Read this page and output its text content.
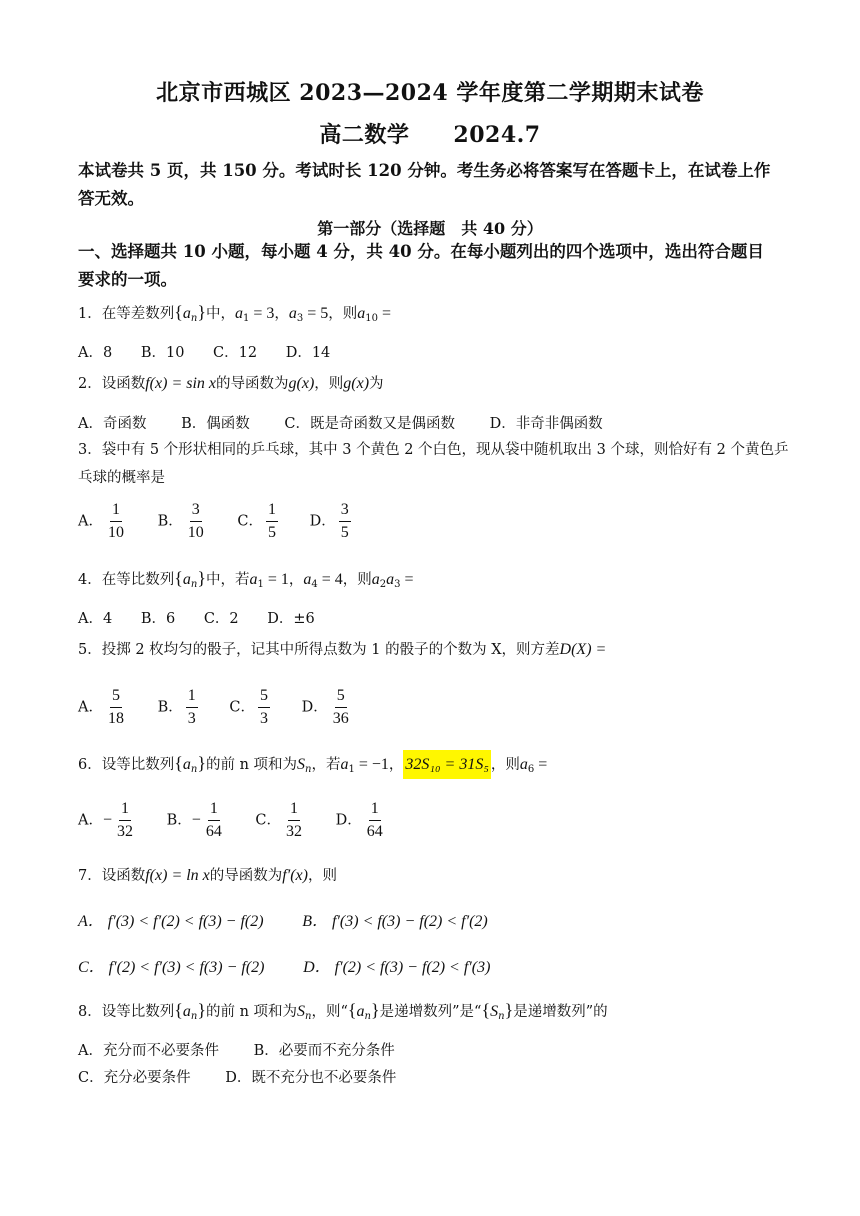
北京市西城区 2023—2024 学年度第二学期期末试卷
高二数学 2024.7
本试卷共 5 页，共 150 分。考试时长 120 分钟。考生务必将答案写在答题卡上，在试卷上作答无效。
第一部分（选择题　共 40 分）
一、选择题共 10 小题，每小题 4 分，共 40 分。在每小题列出的四个选项中，选出符合题目要求的一项。
1．在等差数列$\{a_n\}$中，$a_1 = 3$，$a_3 = 5$，则$a_{10}$ =
A．8 B．10 C．12 D．14
2．设函数f(x) = sin x的导函数为g(x)，则g(x)为
A．奇函数 B．偶函数 C．既是奇函数又是偶函数 D．非奇非偶函数
3．袋中有 5 个形状相同的乒乓球，其中 3 个黄色 2 个白色，现从袋中随机取出 3 个球，则恰好有 2 个黄色乒乓球的概率是
A． $\frac{1}{10}$ B． $\frac{3}{10}$ C． $\frac{1}{5}$ D． $\frac{3}{5}$
4．在等比数列$\{a_n\}$中，若$a_1 = 1$，$a_4 = 4$，则$a_2a_3$ =
A．4 B．6 C．2 D．±6
5．投掷 2 枚均匀的骰子，记其中所得点数为 1 的骰子的个数为 X，则方差D(X) =
A． $\frac{5}{18}$ B． $\frac{1}{3}$ C． $\frac{5}{3}$ D． $\frac{5}{36}$
6．设等比数列$\{a_n\}$的前 n 项和为$S_n$，若$a_1 = -1$， 32S₁₀ = 31S₅ ，则$a_6$ =
A．− $\frac{1}{32}$ B．− $\frac{1}{64}$ C． $\frac{1}{32}$ D． $\frac{1}{64}$
7．设函数f(x) = ln x的导函数为f′(x)，则
A． f′(3) < f′(2) < f(3) − f(2) B． f′(3) < f(3) − f(2) < f′(2)
C． f′(2) < f′(3) < f(3) − f(2) D． f′(2) < f(3) − f(2) < f′(3)
8．设等比数列$\{a_n\}$的前 n 项和为$S_n$，则“$\{a_n\}$是递增数列”是“$\{S_n\}$是递增数列”的
A．充分而不必要条件 B．必要而不充分条件
C．充分必要条件 D．既不充分也不必要条件
